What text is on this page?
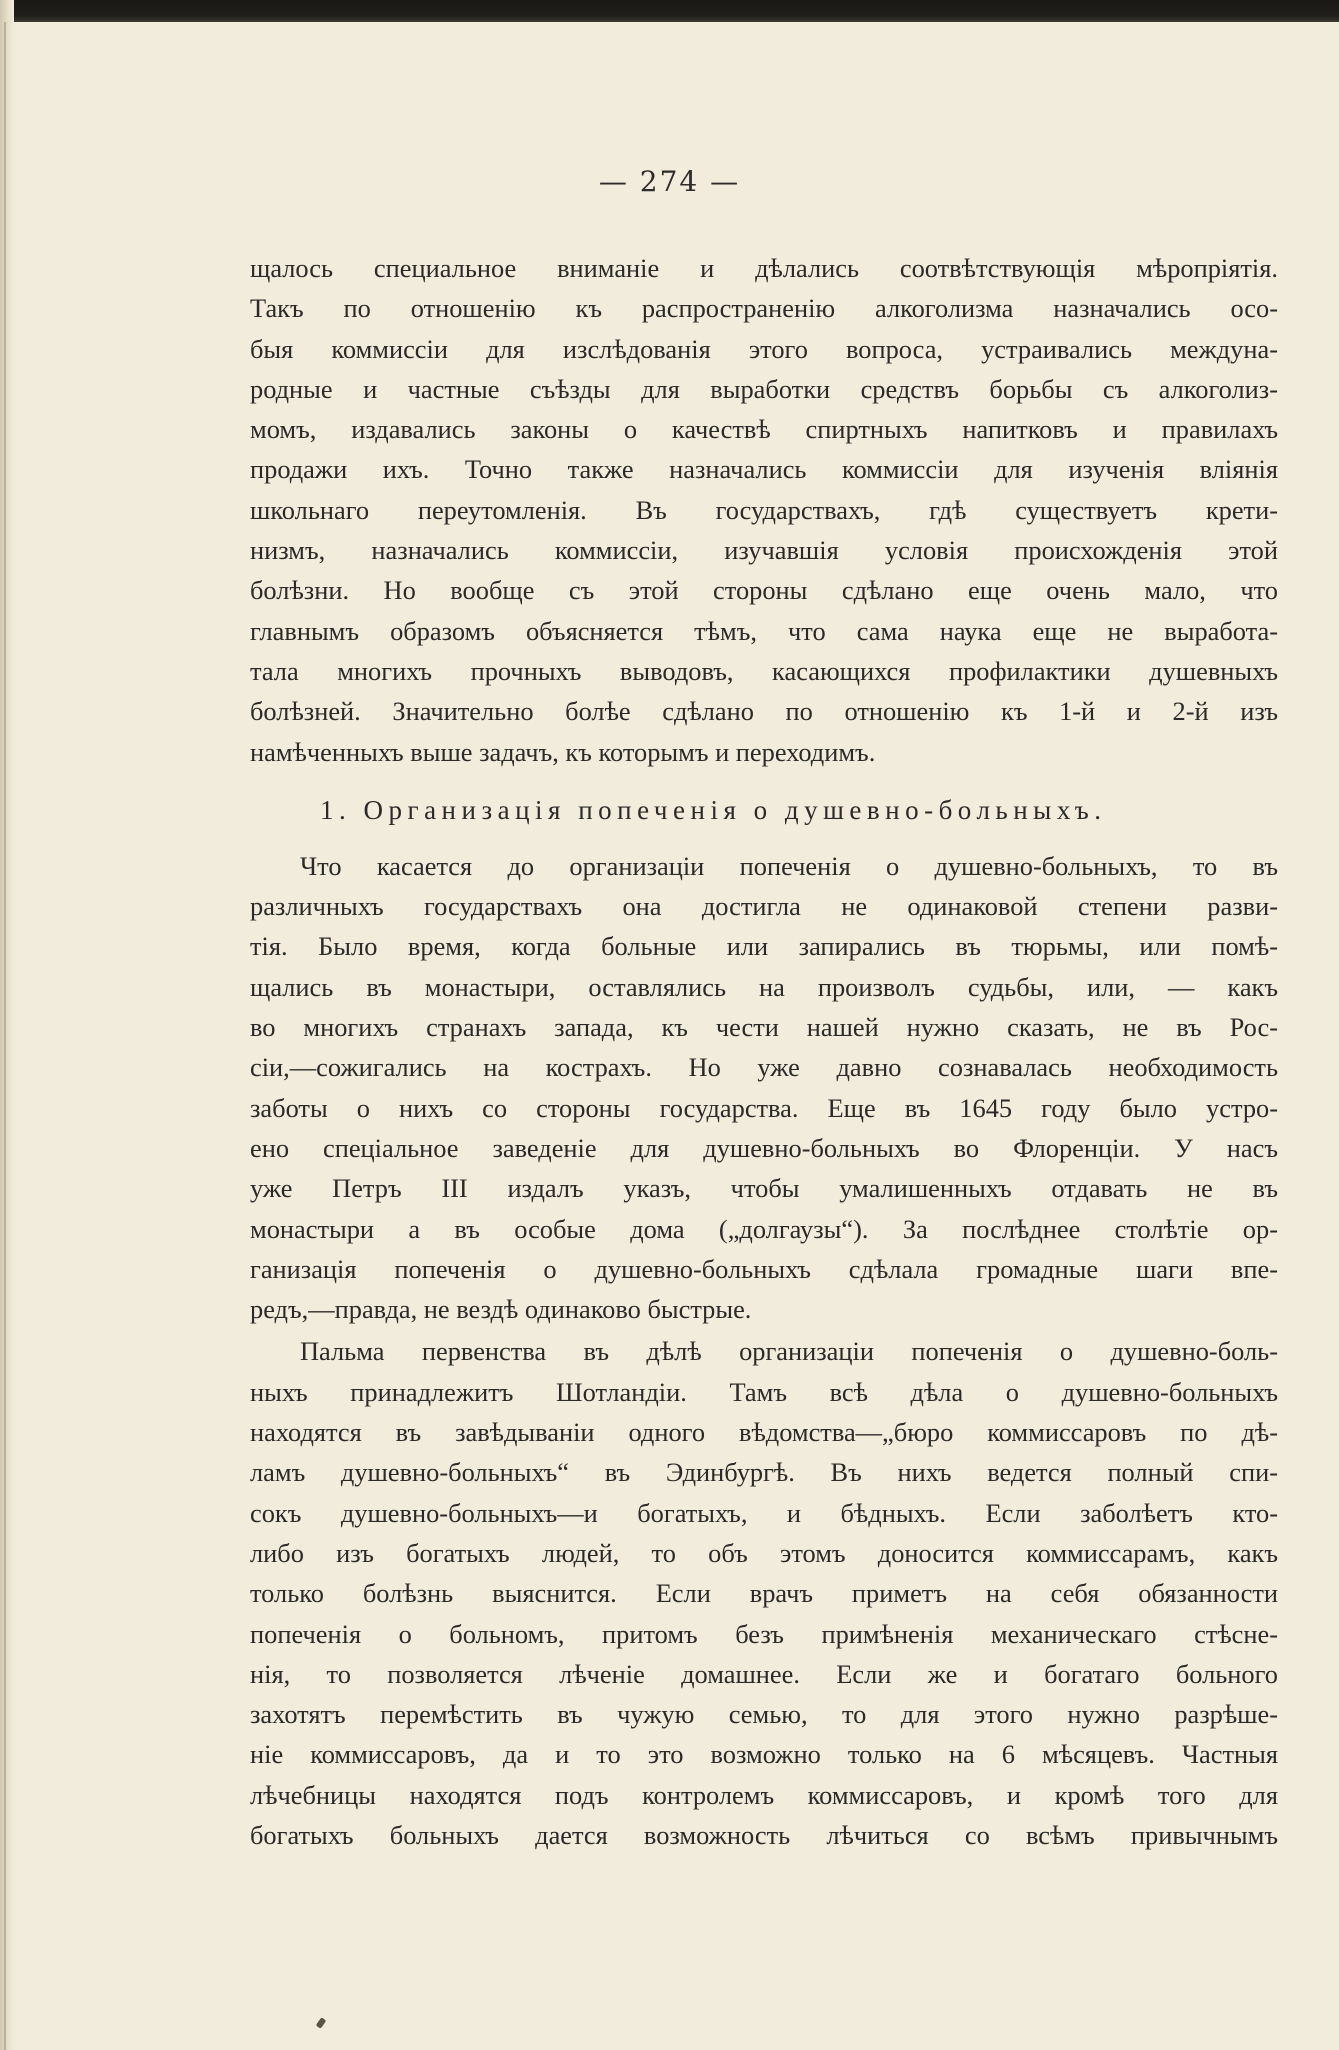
— 274 —
щалось специальное вниманіе и дѣлались соотвѣтствующія мѣропріятія.
Такъ по отношенію къ распространенію алкоголизма назначались осо-
быя коммиссіи для изслѣдованія этого вопроса, устраивались междуна-
родные и частные съѣзды для выработки средствъ борьбы съ алкоголиз-
момъ, издавались законы о качествѣ спиртныхъ напитковъ и правилахъ
продажи ихъ. Точно также назначались коммиссіи для изученія вліянія
школьнаго переутомленія. Въ государствахъ, гдѣ существуетъ крети-
низмъ, назначались коммиссіи, изучавшія условія происхожденія этой
болѣзни. Но вообще съ этой стороны сдѣлано еще очень мало, что
главнымъ образомъ объясняется тѣмъ, что сама наука еще не выработа-
тала многихъ прочныхъ выводовъ, касающихся профилактики душевныхъ
болѣзней. Значительно болѣе сдѣлано по отношенію къ 1-й и 2-й изъ
намѣченныхъ выше задачъ, къ которымъ и переходимъ.
1. Организація попеченія о душевно-больныхъ.
Что касается до организаціи попеченія о душевно-больныхъ, то въ
различныхъ государствахъ она достигла не одинаковой степени разви-
тія. Было время, когда больные или запирались въ тюрьмы, или помѣ-
щались въ монастыри, оставлялись на произволъ судьбы, или, — какъ
во многихъ странахъ запада, къ чести нашей нужно сказать, не въ Рос-
сіи,—сожигались на кострахъ. Но уже давно сознавалась необходимость
заботы о нихъ со стороны государства. Еще въ 1645 году было устро-
ено спеціальное заведеніе для душевно-больныхъ во Флоренціи. У насъ
уже Петръ III издалъ указъ, чтобы умалишенныхъ отдавать не въ
монастыри а въ особые дома („долгаузы“). За послѣднее столѣтіе ор-
ганизація попеченія о душевно-больныхъ сдѣлала громадные шаги впе-
редъ,—правда, не вездѣ одинаково быстрые.
Пальма первенства въ дѣлѣ организаціи попеченія о душевно-боль-
ныхъ принадлежитъ Шотландіи. Тамъ всѣ дѣла о душевно-больныхъ
находятся въ завѣдываніи одного вѣдомства—„бюро коммиссаровъ по дѣ-
ламъ душевно-больныхъ“ въ Эдинбургѣ. Въ нихъ ведется полный спи-
сокъ душевно-больныхъ—и богатыхъ, и бѣдныхъ. Если заболѣетъ кто-
либо изъ богатыхъ людей, то объ этомъ доносится коммиссарамъ, какъ
только болѣзнь выяснится. Если врачъ приметъ на себя обязанности
попеченія о больномъ, притомъ безъ примѣненія механическаго стѣсне-
нія, то позволяется лѣченіе домашнее. Если же и богатаго больного
захотятъ перемѣстить въ чужую семью, то для этого нужно разрѣше-
ніе коммиссаровъ, да и то это возможно только на 6 мѣсяцевъ. Частныя
лѣчебницы находятся подъ контролемъ коммиссаровъ, и кромѣ того для
богатыхъ больныхъ дается возможность лѣчиться со всѣмъ привычнымъ
